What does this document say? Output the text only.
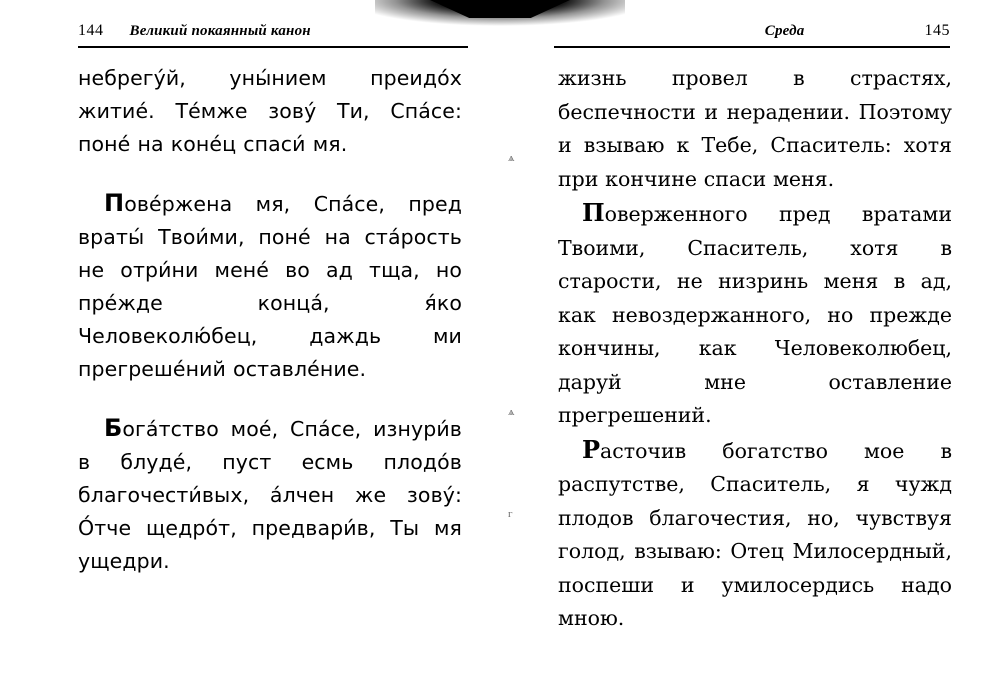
144 Великий покаянный канон

небрегу́й, уны́нием преидо́х житие́. Те́мже зову́ Ти, Спа́се: поне́ на коне́ц спаси́ мя.

Пове́ржена мя, Спа́се, пред враты́ Твои́ми, поне́ на ста́рость не отри́ни мене́ во ад тща, но пре́жде конца́, я́ко Человеколю́бец, даждь ми прегреше́ний оставле́ние.

Бога́тство мое́, Спа́се, изнури́в в блуде́, пуст есмь плодо́в благочести́вых, а́лчен же зову́: О́тче щедро́т, предвари́в, Ты мя ущедри.

Среда	145

жизнь провел в страстях, беспечности и нерадении. Поэтому и взываю к Тебе, Спаситель: хотя при кончине спаси меня.

Поверженного пред вратами Твоими, Спаситель, хотя в старости, не низринь меня в ад, как невоздержанного, но прежде кончины, как Человеколюбец, даруй мне оставление прегрешений.

Расточив богатство мое в распутстве, Спаситель, я чужд плодов благочестия, но, чувствуя голод, взываю: Отец Милосердный, поспеши и умилосердись надо мною.

ѧ
ѧ
г
